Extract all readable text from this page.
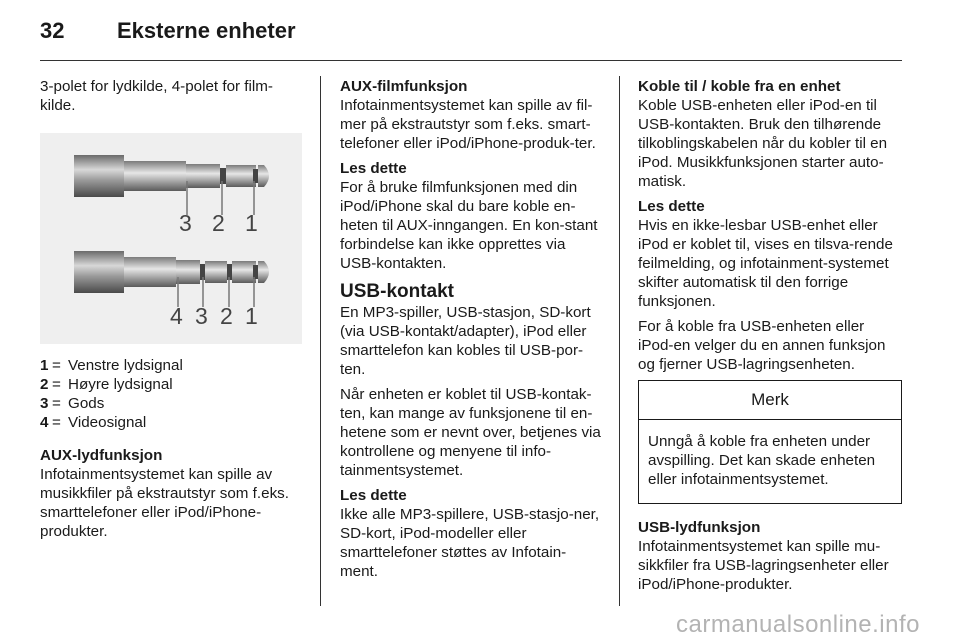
32 Eksterne enheter

3-polet for lydkilde, 4-polet for film-kilde.

3 2 1
4 3 2 1
1= Venstre lydsignal
2= Høyre lydsignal
3= Gods
4= Videosignal

AUX-lydfunksjon
Infotainmentsystemet kan spille av musikkfiler på ekstrautstyr som f.eks. smarttelefoner eller iPod/iPhone-produkter.

AUX-filmfunksjon
Infotainmentsystemet kan spille av fil-mer på ekstrautstyr som f.eks. smart-telefoner eller iPod/iPhone-produk-ter.

Les dette
For å bruke filmfunksjonen med din iPod/iPhone skal du bare koble en-heten til AUX-inngangen. En kon-stant forbindelse kan ikke opprettes via USB-kontakten.

USB-kontakt

En MP3-spiller, USB-stasjon, SD-kort (via USB-kontakt/adapter), iPod eller smarttelefon kan kobles til USB-por-ten.

Når enheten er koblet til USB-kontak-ten, kan mange av funksjonene til en-hetene som er nevnt over, betjenes via kontrollene og menyene til info-tainmentsystemet.

Les dette
Ikke alle MP3-spillere, USB-stasjo-ner, SD-kort, iPod-modeller eller smarttelefoner støttes av Infotain-ment.

Koble til / koble fra en enhet
Koble USB-enheten eller iPod-en til USB-kontakten. Bruk den tilhørende tilkoblingskabelen når du kobler til en iPod. Musikkfunksjonen starter auto-matisk.

Les dette
Hvis en ikke-lesbar USB-enhet eller iPod er koblet til, vises en tilsva-rende feilmelding, og infotainment-systemet skifter automatisk til den forrige funksjonen.

For å koble fra USB-enheten eller iPod-en velger du en annen funksjon og fjerner USB-lagringsenheten.

Merk
Unngå å koble fra enheten under avspilling. Det kan skade enheten eller infotainmentsystemet.

USB-lydfunksjon
Infotainmentsystemet kan spille mu-sikkfiler fra USB-lagringsenheter eller iPod/iPhone-produkter.

carmanualsonline.info
